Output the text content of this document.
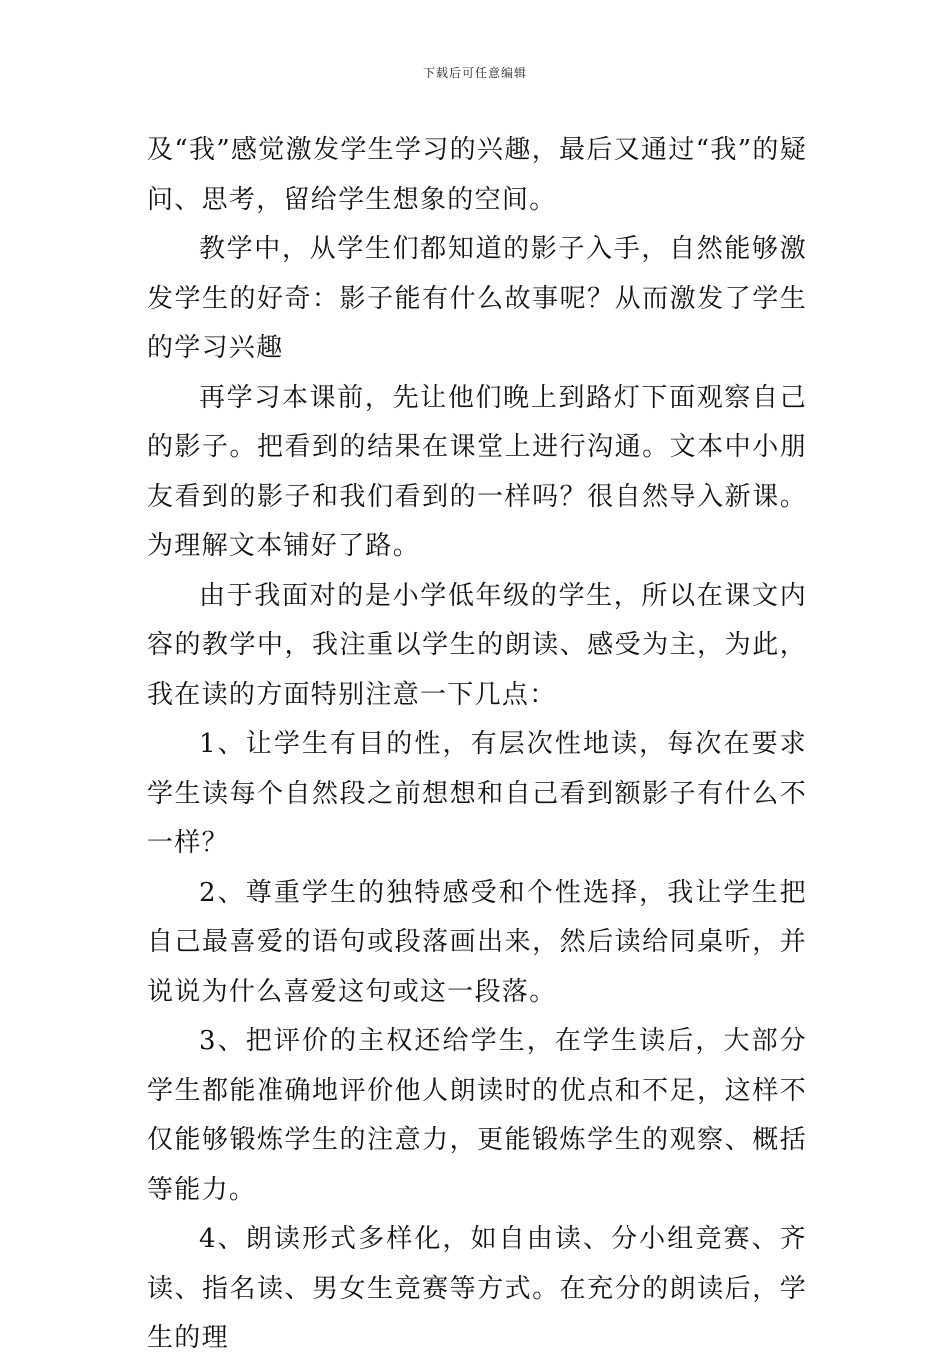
下载后可任意编辑

及“我”感觉激发学生学习的兴趣，最后又通过“我”的疑问、思考，留给学生想象的空间。

教学中，从学生们都知道的影子入手，自然能够激发学生的好奇：影子能有什么故事呢？从而激发了学生的学习兴趣

再学习本课前，先让他们晚上到路灯下面观察自己的影子。把看到的结果在课堂上进行沟通。文本中小朋友看到的影子和我们看到的一样吗？很自然导入新课。为理解文本铺好了路。

由于我面对的是小学低年级的学生，所以在课文内容的教学中，我注重以学生的朗读、感受为主，为此，我在读的方面特别注意一下几点：

1、让学生有目的性，有层次性地读，每次在要求学生读每个自然段之前想想和自己看到额影子有什么不一样？

2、尊重学生的独特感受和个性选择，我让学生把自己最喜爱的语句或段落画出来，然后读给同桌听，并说说为什么喜爱这句或这一段落。

3、把评价的主权还给学生，在学生读后，大部分学生都能准确地评价他人朗读时的优点和不足，这样不仅能够锻炼学生的注意力，更能锻炼学生的观察、概括等能力。

4、朗读形式多样化，如自由读、分小组竞赛、齐读、指名读、男女生竞赛等方式。在充分的朗读后，学生的理
